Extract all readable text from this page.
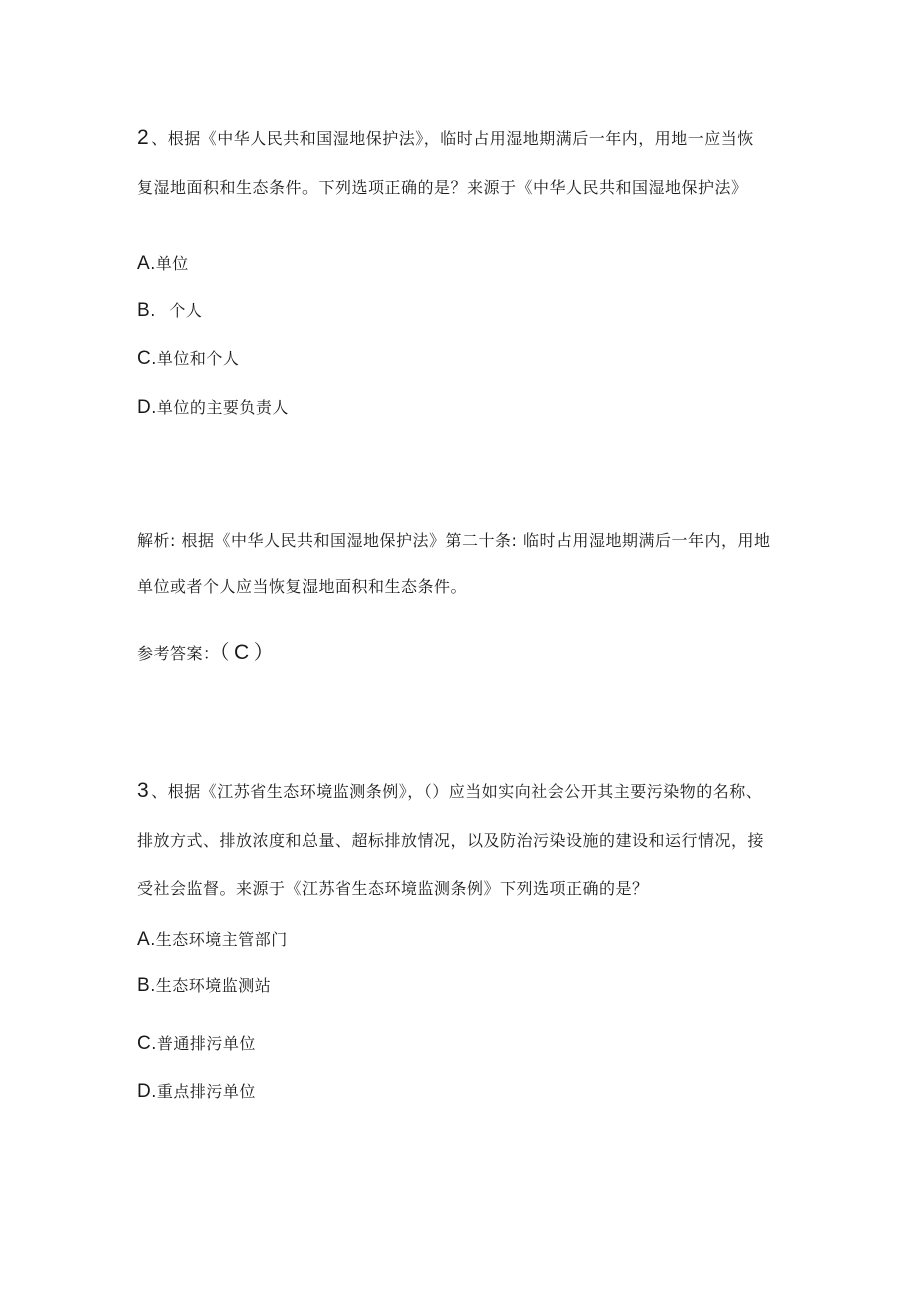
2 、根据《中华人民共和国湿地保护法》，临时占用湿地期满后一年内，用地一应当恢
复湿地面积和生态条件。下列选项正确的是？来源于《中华人民共和国湿地保护法》
A.单位
B. 个人
C.单位和个人
D.单位的主要负责人
解析: 根据《中华人民共和国湿地保护法》第二十条: 临时占用湿地期满后一年内，用地
单位或者个人应当恢复湿地面积和生态条件。
参考答案：（ C ）
3 、根据《江苏省生态环境监测条例》，（）应当如实向社会公开其主要污染物的名称、
排放方式、排放浓度和总量、超标排放情况，以及防治污染设施的建设和运行情况，接
受社会监督。来源于《江苏省生态环境监测条例》下列选项正确的是？
A.生态环境主管部门
B.生态环境监测站
C.普通排污单位
D.重点排污单位
